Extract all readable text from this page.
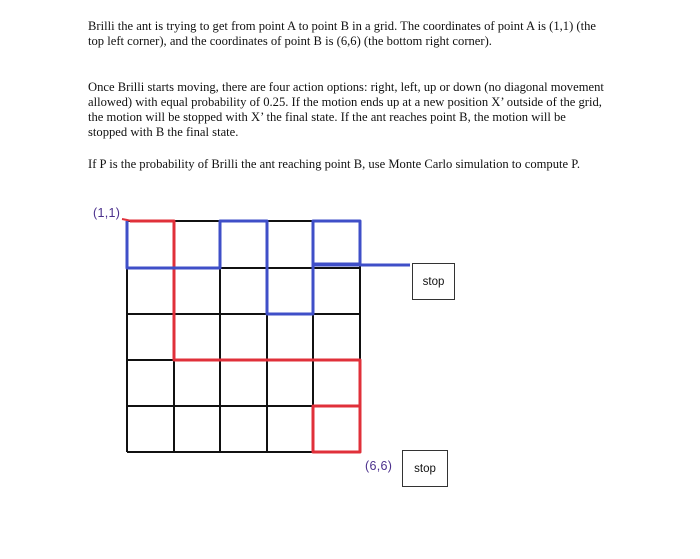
Brilli the ant is trying to get from point A to point B in a grid. The coordinates of point A is (1,1) (the top left corner), and the coordinates of point B is (6,6) (the bottom right corner).

Once Brilli starts moving, there are four action options: right, left, up or down (no diagonal movement allowed) with equal probability of 0.25. If the motion ends up at a new position X’ outside of the grid, the motion will be stopped with X’ the final state. If the ant reaches point B, the motion will be stopped with B the final state.

If P is the probability of Brilli the ant reaching point B, use Monte Carlo simulation to compute P.

(1,1)
(6,6)
stop
stop
